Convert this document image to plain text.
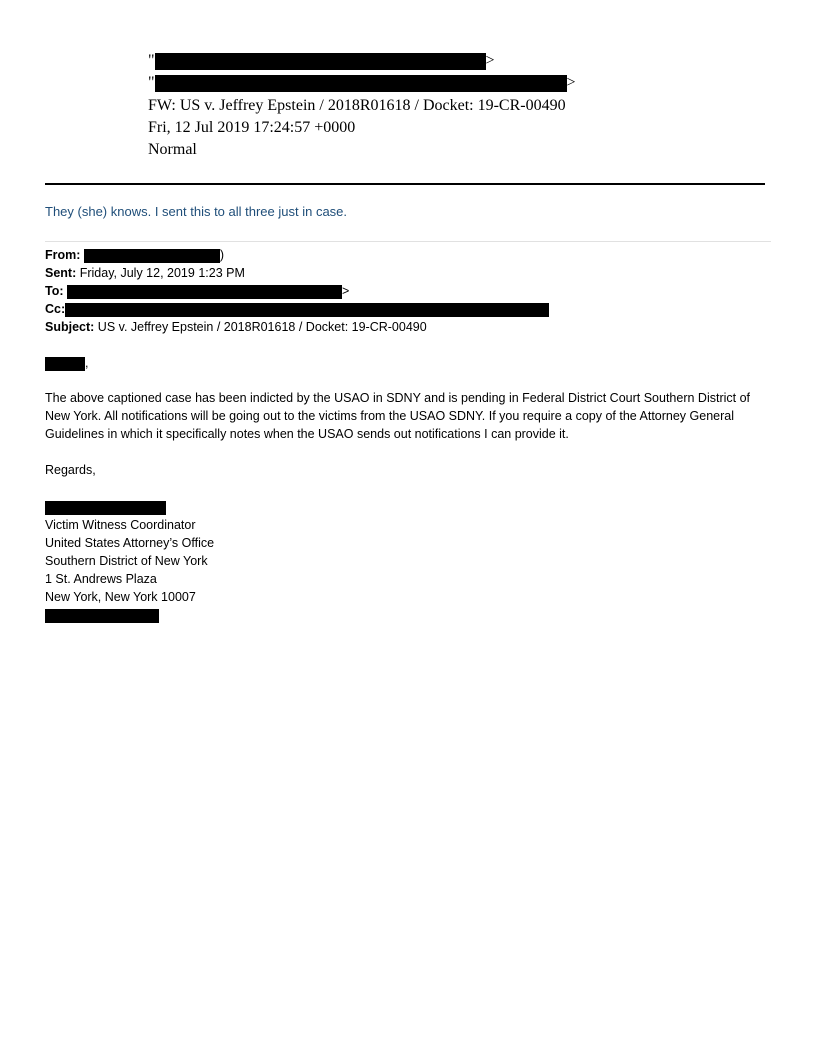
"	>
"	>
FW: US v. Jeffrey Epstein / 2018R01618 / Docket: 19-CR-00490
Fri, 12 Jul 2019 17:24:57 +0000
Normal
They (she) knows. I sent this to all three just in case.
From:	)
Sent: Friday, July 12, 2019 1:23 PM
To:	>
Cc:
Subject: US v. Jeffrey Epstein / 2018R01618 / Docket: 19-CR-00490
,
The above captioned case has been indicted by the USAO in SDNY and is pending in Federal District Court Southern District of New York. All notifications will be going out to the victims from the USAO SDNY. If you require a copy of the Attorney General Guidelines in which it specifically notes when the USAO sends out notifications I can provide it.
Regards,
Victim Witness Coordinator
United States Attorney’s Office
Southern District of New York
1 St. Andrews Plaza
New York, New York 10007
